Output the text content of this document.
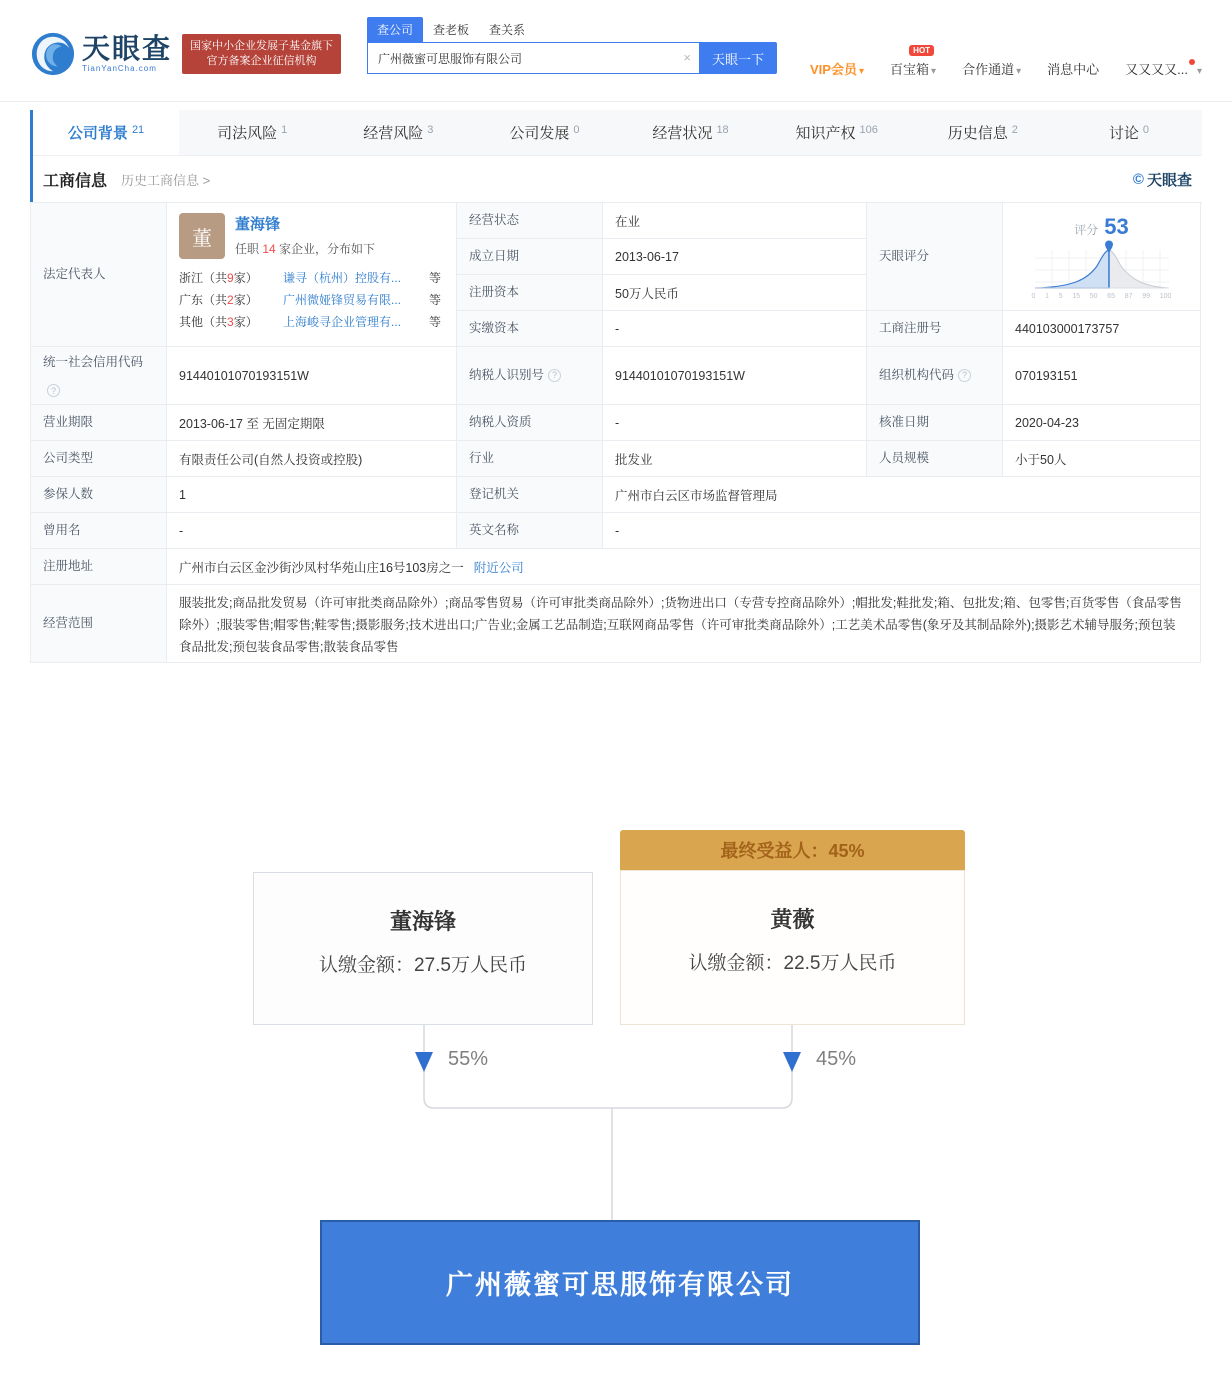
天眼查
TianYanCha.com
国家中小企业发展子基金旗下
官方备案企业征信机构
查公司	查老板	查关系
广州薇蜜可思服饰有限公司
×	天眼一下
VIP会员 ▾
HOT
百宝箱 ▾ 合作通道 ▾ 消息中心 又又又又... ▾
公司背景 21	司法风险 1	经营风险 3	公司发展 0	经营状况 18	知识产权 106	历史信息 2	讨论 0
工商信息 历史工商信息 >	© 天眼查
法定代表人
董
董海锋
任职 14 家企业，分布如下
浙江（共9家）	谦寻（杭州）控股有...	等
广东（共2家）	广州微娅锋贸易有限...	等
其他（共3家）	上海峻寻企业管理有...	等
经营状态	在业
成立日期	2013-06-17
注册资本	50万人民币
实缴资本	-
天眼评分
评分 53
0 1 5 15 50 65 87 99 100
工商注册号	440103000173757
统一社会信用代码
?
91440101070193151W	纳税人识别号 ?	91440101070193151W	组织机构代码 ?	070193151
营业期限	2013-06-17 至 无固定期限	纳税人资质	-	核准日期	2020-04-23
公司类型	有限责任公司(自然人投资或控股)	行业	批发业	人员规模	小于50人
参保人数	1	登记机关	广州市白云区市场监督管理局
曾用名	-	英文名称	-
注册地址	广州市白云区金沙街沙凤村华苑山庄16号103房之一 附近公司
经营范围
服装批发;商品批发贸易（许可审批类商品除外）;商品零售贸易（许可审批类商品除外）;货物进出口（专营专控商品除外）;帽批发;鞋批发;箱、包批发;箱、包零售;百货零售（食品零售除外）;服装零售;帽零售;鞋零售;摄影服务;技术进出口;广告业;金属工艺品制造;互联网商品零售（许可审批类商品除外）;工艺美术品零售(象牙及其制品除外);摄影艺术辅导服务;预包装食品批发;预包装食品零售;散装食品零售
最终受益人：45%
董海锋
认缴金额：27.5万人民币
黄薇
认缴金额：22.5万人民币
55%	45%
广州薇蜜可思服饰有限公司
